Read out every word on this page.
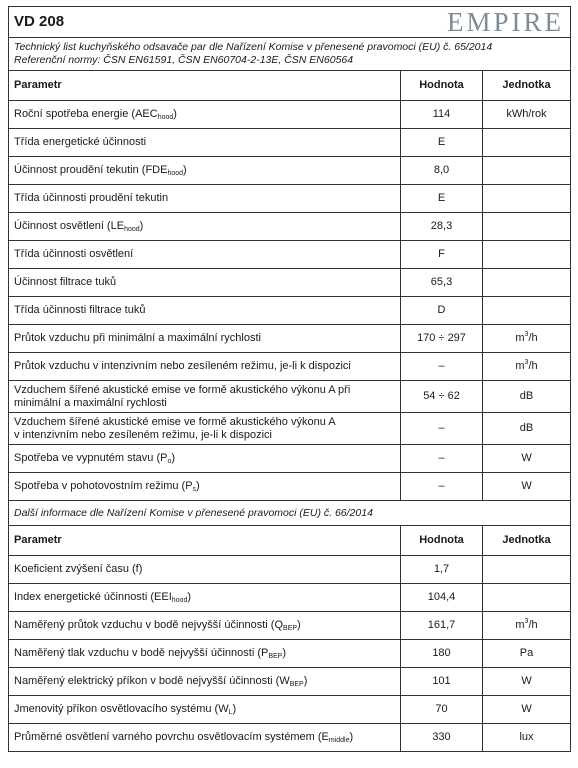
VD 208 EMPIRE		

Technický list kuchyňského odsavače par dle Nařízení Komise v přenesené pravomoci (EU) č. 65/2014
Referenční normy: ČSN EN61591, ČSN EN60704-2-13E, ČSN EN60564		

Parametr	Hodnota	Jednotka
Roční spotřeba energie $(AEC_{hood})$	114	kWh/rok
Třída energetické účinnosti	E	
Účinnost proudění tekutin $(FDE_{hood})$	8,0	
Třída účinnosti proudění tekutin	E	
Účinnost osvětlení $(LE_{hood})$	28,3	
Třída účinnosti osvětlení	F	
Účinnost filtrace tuků	65,3	
Třída účinnosti filtrace tuků	D	
Průtok vzduchu při minimální a maximální rychlosti	170 ÷ 297	$m^3/h$
Průtok vzduchu v intenzivním nebo zesíleném režimu, je-li k dispozici	–	$m^3/h$
Vzduchem šířené akustické emise ve formě akustického výkonu A při
minimální a maximální rychlosti	54 ÷ 62	dB
Vzduchem šířené akustické emise ve formě akustického výkonu A
v intenzivním nebo zesíleném režimu, je-li k dispozici	–	dB
Spotřeba ve vypnutém stavu $(P_o)$	–	W
Spotřeba v pohotovostním režimu $(P_s)$	–	W
Další informace dle Nařízení Komise v přenesené pravomoci (EU) č. 66/2014		
Parametr	Hodnota	Jednotka
Koeficient zvýšení času (f)	1,7	
Index energetické účinnosti $(EEI_{hood})$	104,4	
Naměřený průtok vzduchu v bodě nejvyšší účinnosti $(Q_{BEP})$	161,7	$m^3/h$
Naměřený tlak vzduchu v bodě nejvyšší účinnosti $(P_{BEP})$	180	Pa
Naměřený elektrický příkon v bodě nejvyšší účinnosti $(W_{BEP})$	101	W
Jmenovitý příkon osvětlovacího systému $(W_L)$	70	W
Průměrné osvětlení varného povrchu osvětlovacím systémem $(E_{middle})$	330	lux
